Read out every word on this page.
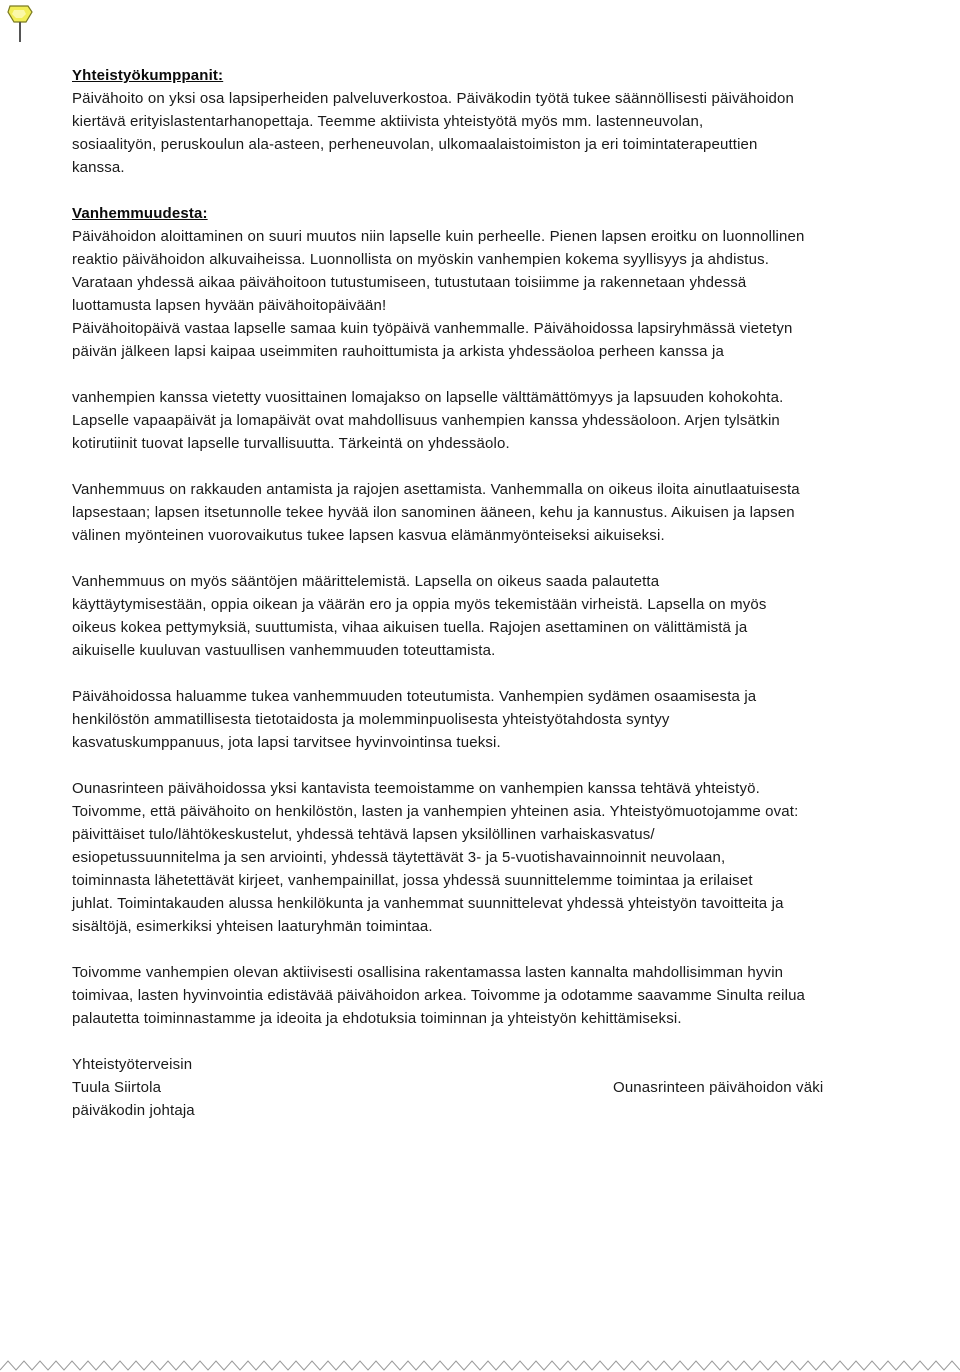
Yhteistyökumppanit:

Päivähoito on yksi osa lapsiperheiden palveluverkostoa. Päiväkodin työtä tukee säännöllisesti päivähoidon

kiertävä erityislastentarhanopettaja. Teemme aktiivista yhteistyötä myös mm. lastenneuvolan,

sosiaalityön, peruskoulun ala-asteen, perheneuvolan, ulkomaalaistoimiston ja eri toimintaterapeuttien

kanssa.

Vanhemmuudesta:

Päivähoidon aloittaminen on suuri muutos niin lapselle kuin perheelle. Pienen lapsen eroitku on luonnollinen

reaktio päivähoidon alkuvaiheissa. Luonnollista on myöskin vanhempien kokema syyllisyys ja ahdistus.

Varataan yhdessä aikaa päivähoitoon tutustumiseen, tutustutaan toisiimme ja rakennetaan yhdessä

luottamusta lapsen hyvään päivähoitopäivään!

Päivähoitopäivä vastaa lapselle samaa kuin työpäivä vanhemmalle. Päivähoidossa lapsiryhmässä vietetyn

päivän jälkeen lapsi kaipaa useimmiten rauhoittumista ja arkista yhdessäoloa perheen kanssa ja

vanhempien kanssa vietetty vuosittainen lomajakso on lapselle välttämättömyys ja lapsuuden kohokohta.

Lapselle vapaapäivät ja lomapäivät ovat mahdollisuus vanhempien kanssa yhdessäoloon. Arjen tylsätkin

kotirutiinit tuovat lapselle turvallisuutta. Tärkeintä on yhdessäolo.

Vanhemmuus on rakkauden antamista ja rajojen asettamista. Vanhemmalla on oikeus iloita ainutlaatuisesta

lapsestaan; lapsen itsetunnolle tekee hyvää ilon sanominen ääneen, kehu ja kannustus. Aikuisen ja lapsen

välinen myönteinen vuorovaikutus tukee lapsen kasvua elämänmyönteiseksi aikuiseksi.

Vanhemmuus on myös sääntöjen määrittelemistä. Lapsella on oikeus saada palautetta

käyttäytymisestään, oppia oikean ja väärän ero ja oppia myös tekemistään virheistä. Lapsella on myös

oikeus kokea pettymyksiä, suuttumista, vihaa aikuisen tuella. Rajojen asettaminen on välittämistä ja

aikuiselle kuuluvan vastuullisen vanhemmuuden toteuttamista.

Päivähoidossa haluamme tukea vanhemmuuden toteutumista. Vanhempien sydämen osaamisesta ja

henkilöstön ammatillisesta tietotaidosta ja molemminpuolisesta yhteistyötahdosta syntyy

kasvatuskumppanuus, jota lapsi tarvitsee hyvinvointinsa tueksi.

Ounasrinteen päivähoidossa yksi kantavista teemoistamme on vanhempien kanssa tehtävä yhteistyö.

Toivomme, että päivähoito on henkilöstön, lasten ja vanhempien yhteinen asia. Yhteistyömuotojamme ovat:

päivittäiset tulo/lähtökeskustelut, yhdessä tehtävä lapsen yksilöllinen varhaiskasvatus/

esiopetussuunnitelma ja sen arviointi, yhdessä täytettävät 3- ja 5-vuotishavainnoinnit neuvolaan,

toiminnasta lähetettävät kirjeet, vanhempainillat, jossa yhdessä suunnittelemme toimintaa ja erilaiset

juhlat. Toimintakauden alussa henkilökunta ja vanhemmat suunnittelevat yhdessä yhteistyön tavoitteita ja

sisältöjä, esimerkiksi yhteisen laaturyhmän toimintaa.

Toivomme vanhempien olevan aktiivisesti osallisina rakentamassa lasten kannalta mahdollisimman hyvin

toimivaa, lasten hyvinvointia edistävää päivähoidon arkea. Toivomme ja odotamme saavamme Sinulta reilua

palautetta toiminnastamme ja ideoita ja ehdotuksia toiminnan ja yhteistyön kehittämiseksi.

Yhteistyöterveisin

Tuula Siirtola

päiväkodin johtaja

Ounasrinteen päivähoidon väki
